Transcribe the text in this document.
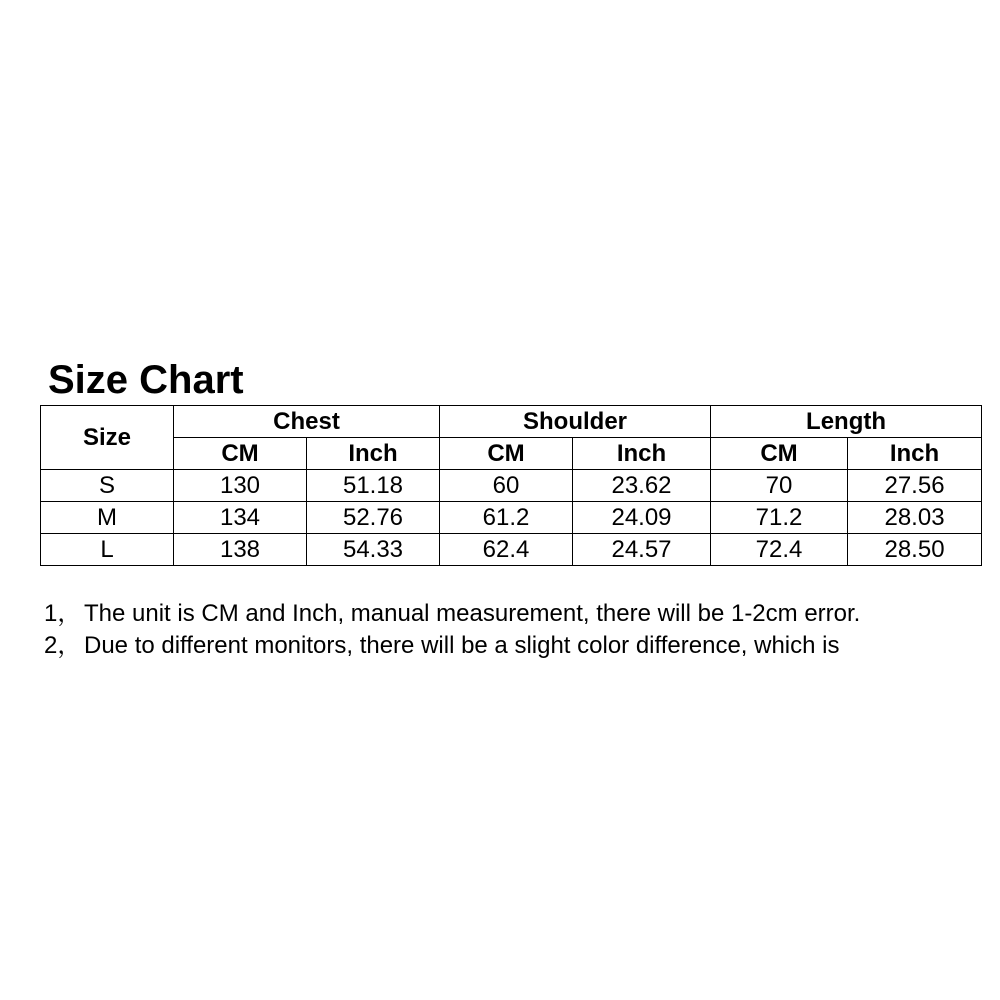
Size Chart
Size	Chest		Shoulder		Length	
	CM	Inch	CM	Inch	CM	Inch
S	130	51.18	60	23.62	70	27.56
M	134	52.76	61.2	24.09	71.2	28.03
L	138	54.33	62.4	24.57	72.4	28.50
1， The unit is CM and Inch, manual measurement, there will be 1-2cm error.
2， Due to different monitors, there will be a slight color difference, which is
